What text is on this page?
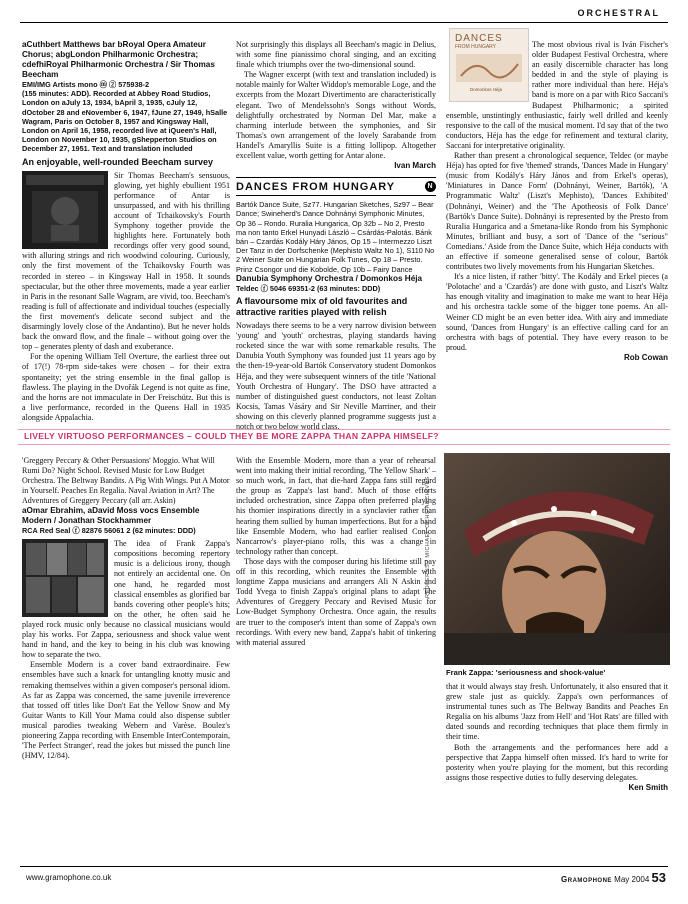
ORCHESTRAL
aCuthbert Matthews bar bRoyal Opera Amateur Chorus; abgLondon Philharmonic Orchestra; cdefhiRoyal Philharmonic Orchestra / Sir Thomas Beecham
EMI/IMG Artists mono ⓜ ② 575938-2
(155 minutes: ADD). Recorded at Abbey Road Studios, London on aJuly 13, 1934, bApril 3, 1935, cJuly 12, dOctober 28 and eNovember 6, 1947, fJune 27, 1949, hSalle Wagram, Paris on October 8, 1957 and Kingsway Hall, London on April 16, 1958, recorded live at iQueen's Hall, London on November 10, 1935, gShepperton Studios on December 27, 1951. Text and translation included
An enjoyable, well-rounded Beecham survey

Sir Thomas Beecham's sensuous, glowing, yet highly ebullient 1951 performance of Antar is unsurpassed, and with his thrilling account of Tchaikovsky's Fourth Symphony together provide the highlights here. Fortunately both recordings offer very good sound, with alluring strings and rich woodwind colouring. Curiously, only the first movement of the Tchaikovsky Fourth was recorded in stereo – in Kingsway Hall in 1958. It sounds spectacular, but the other three movements, made a year earlier in Paris in the resonant Salle Wagram, are vivid, too. Beecham's reading is full of affectionate and individual touches (especially the first movement's delicate second subject and the disarmingly lovely close of the Andantino). But he never holds back the onward flow, and the finale – without going over the top – generates plenty of dash and exuberance.

For the opening William Tell Overture, the earliest three out of 17(!) 78-rpm side-takes were chosen – for their extra spontaneity; yet the string ensemble in the final gallop is flawless. The playing in the Dvořák Legend is not quite as fine, and the horns are not immaculate in Der Freischütz. But this is a live performance, recorded in the Queens Hall in 1935 alongside Appalachia.

Not surprisingly this displays all Beecham's magic in Delius, with some fine pianissimo choral singing, and an exciting finale which triumphs over the two-dimensional sound.

The Wagner excerpt (with text and translation included) is notable mainly for Walter Widdop's memorable Loge, and the excerpts from the Mozart Divertimento are characteristically elegant. Two of Mendelssohn's Songs without Words, delightfully orchestrated by Norman Del Mar, make a charming interlude between the symphonies, and Sir Thomas's own arrangement of the lovely Sarabande from Handel's Amaryllis Suite is a fitting lollipop. Altogether excellent value, worth getting for Antar alone.

Ivan March
DANCES FROM HUNGARY	N
Bartók Dance Suite, Sz77. Hungarian Sketches, Sz97 – Bear Dance; Swineherd's Dance Dohnányi Symphonic Minutes, Op 36 – Rondo. Ruralia Hungarica, Op 32b – No 2, Presto ma non tanto Erkel Hunyadi László – Csárdás-Palotás. Bánk bán – Czardás Kodály Háry János, Op 15 – Intermezzo Liszt Der Tanz in der Dorfschenke (Mephisto Waltz No 1), S110 No 2 Weiner Suite on Hungarian Folk Tunes, Op 18 – Presto. Prinz Csongor und die Kobolde, Op 10b – Fairy Dance
Danubia Symphony Orchestra / Domonkos Héja
Teldec ⓕ 5046 69351-2 (63 minutes: DDD)
A flavoursome mix of old favourites and attractive rarities played with relish

Nowadays there seems to be a very narrow division between 'young' and 'youth' orchestras, playing standards having rocketed since the war with some remarkable results. The Danubia Youth Symphony was founded just 11 years ago by the then-19-year-old Bartók Conservatory student Domonkos Héja, and they were subsequent winners of the title 'National Youth Orchestra of Hungary'. The DSO have attracted a number of distinguished guest conductors, not least Zoltan Kocsis, Tamas Vásáry and Sir Neville Marriner, and their showing on this cleverly planned programme suggests just a notch or two below world class.

DANCES
FROM HUNGARY
Domonkos Héja

The most obvious rival is Iván Fischer's older Budapest Festival Orchestra, where an easily discernible character has long bedded in and the style of playing is rather more individual than here. Héja's band is more on a par with Rico Saccani's Budapest Philharmonic; a spirited ensemble, unstintingly enthusiastic, fairly well drilled and keenly responsive to the call of the musical moment. I'd say that of the two conductors, Héja has the edge for refinement and textural clarity, Saccani for interpretative originality.

Rather than present a chronological sequence, Teldec (or maybe Héja) has opted for five 'themed' strands, 'Dances Made in Hungary' (music from Kodály's Háry János and from Erkel's operas), 'Miniatures in Dance Form' (Dohnányi, Weiner, Bartók), 'A Programmatic Waltz' (Liszt's Mephisto), 'Dances Exhibited' (Dohnányi, Weiner) and the 'The Apotheosis of Folk Dance' (Bartók's Dance Suite). Dohnányi is represented by the Presto from Ruralia Hungarica and a Smetana-like Rondo from his Symphonic Minutes, brilliant and busy, a sort of 'Dance of the "serious" Comedians.' Aside from the Dance Suite, which Héja conducts with an effective if someone generalised sense of colour, Bartók contributes two lively movements from his Hungarian Sketches.

It's a nice listen, if rather 'bitty'. The Kodály and Erkel pieces (a 'Polotache' and a 'Czardás') are done with gusto, and Liszt's Waltz has enough vitality and imagination to make me want to hear Héja and his orchestra tackle some of the bigger tone poems. An all-Weiner CD might be an even better idea. With airy and immediate sound, 'Dances from Hungary' is an effective calling card for an orchestra with bags of potential. They have every reason to be proud.

Rob Cowan
LIVELY VIRTUOSO PERFORMANCES – COULD THEY BE MORE ZAPPA THAN ZAPPA HIMSELF?
'Greggery Peccary & Other Persuasions' Moggio. What Will Rumi Do? Night School. Revised Music for Low Budget Orchestra. The Beltway Bandits. A Pig With Wings. Put A Motor in Yourself. Peaches En Regalia. Naval Aviation in Art? The Adventures of Greggery Peccary (all arr. Askin)
aOmar Ebrahim, aDavid Moss vocs Ensemble Modern / Jonathan Stockhammer
RCA Red Seal ⓕ 82876 56061 2 (62 minutes: DDD)

The idea of Frank Zappa's compositions becoming repertory music is a delicious irony, though not entirely an accidental one. On one hand, he regarded most classical ensembles as glorified bar bands covering other people's hits; on the other, he often said he played rock music only because no classical musicians would play his works. For Zappa, seriousness and shock value went hand in hand, and the key to being in his club was knowing how to separate the two.

Ensemble Modern is a cover band extraordinaire. Few ensembles have such a knack for untangling knotty music and remaking themselves within a given composer's personal idiom. As far as Zappa was concerned, the same juvenile irreverence that tossed off titles like Don't Eat the Yellow Snow and My Guitar Wants to Kill Your Mama could also dispense subtler musical parodies tweaking Webern and Varèse. Boulez's pioneering Zappa recording with Ensemble InterContemporain, 'The Perfect Stranger', read the jokes but missed the punch line (HMV, 12/84).

With the Ensemble Modern, more than a year of rehearsal went into making their initial recording, 'The Yellow Shark' – so much work, in fact, that die-hard Zappa fans still regard the group as 'Zappa's last band'. Much of those efforts included orchestration, since Zappa often preferred playing his thornier inspirations directly in a synclavier rather than hearing them sullied by human imperfections. But for a band like Ensemble Modern, who had earlier realised Conlon Nancarrow's player-piano rolls, this was a change in technology rather than concept.

Those days with the composer during his lifetime still pay off in this recording, which reunites the Ensemble with longtime Zappa musicians and arrangers Ali N Askin and Todd Yvega to finish Zappa's original plans to adapt The Adventures of Greggery Peccary and Revised Music for Low-Budget Symphony Orchestra. Once again, the results are truer to the composer's intent than some of Zappa's own recordings. With every new band, Zappa's habit of tinkering with material assured

REDFERNS / MICHAEL OCHS ARCHIVES
Frank Zappa: 'seriousness and shock-value'

that it would always stay fresh. Unfortunately, it also ensured that it grew stale just as quickly. Zappa's own performances of instrumental tunes such as The Beltway Bandits and Peaches En Regalia on his albums 'Jazz from Hell' and 'Hot Rats' are filled with dated sounds and recording techniques that place them firmly in their time.

Both the arrangements and the performances here add a perspective that Zappa himself often missed. It's hard to write for posterity when you're playing for the moment, but this recording assigns those respective duties to fully deserving delegates.

Ken Smith
www.gramophone.co.uk	Gramophone May 2004 53
